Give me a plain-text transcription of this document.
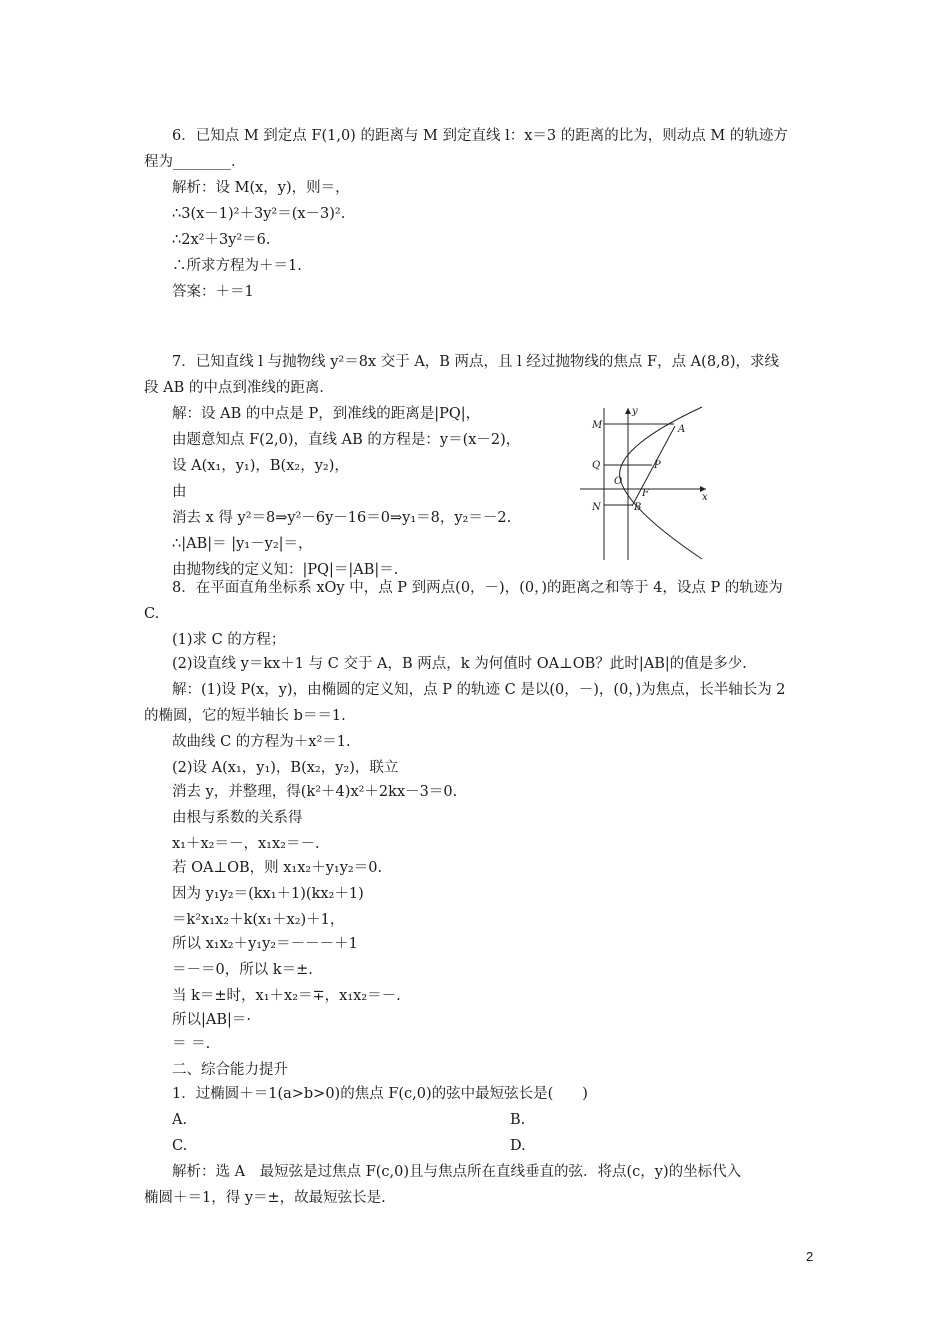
6．已知点 M 到定点 F(1,0) 的距离与 M 到定直线 l：x＝3 的距离的比为，则动点 M 的轨迹方
程为________．
解析：设 M(x，y)，则＝，
∴3(x－1)²＋3y²＝(x－3)².
∴2x²＋3y²＝6.
∴所求方程为＋＝1.
答案：＋＝1
7．已知直线 l 与抛物线 y²＝8x 交于 A，B 两点，且 l 经过抛物线的焦点 F，点 A(8,8)，求线
段 AB 的中点到准线的距离．
解：设 AB 的中点是 P，到准线的距离是|PQ|，
由题意知点 F(2,0)，直线 AB 的方程是：y＝(x－2)，
设 A(x₁，y₁)，B(x₂，y₂)，
由
消去 x 得 y²＝8⇒y²－6y－16＝0⇒y₁＝8，y₂＝－2.
∴|AB|＝ |y₁－y₂|＝，
由抛物线的定义知：|PQ|＝|AB|＝.
M
y
A
Q	P
O
F	x
N	B
8．在平面直角坐标系 xOy 中，点 P 到两点(0，－)，(0，)的距离之和等于 4，设点 P 的轨迹为
C.
(1)求 C 的方程；
(2)设直线 y＝kx＋1 与 C 交于 A，B 两点，k 为何值时 OA⊥OB？此时|AB|的值是多少.
解：(1)设 P(x，y)，由椭圆的定义知，点 P 的轨迹 C 是以(0，－)，(0，)为焦点，长半轴长为 2
的椭圆，它的短半轴长 b＝＝1.
故曲线 C 的方程为＋x²＝1.
(2)设 A(x₁，y₁)，B(x₂，y₂)，联立
消去 y，并整理，得(k²＋4)x²＋2kx－3＝0.
由根与系数的关系得
x₁＋x₂＝－，x₁x₂＝－.
若 OA⊥OB，则 x₁x₂＋y₁y₂＝0.
因为 y₁y₂＝(kx₁＋1)(kx₂＋1)
＝k²x₁x₂＋k(x₁＋x₂)＋1，
所以 x₁x₂＋y₁y₂＝－－－＋1
＝－＝0，所以 k＝±.
当 k＝±时，x₁＋x₂＝∓，x₁x₂＝－.
所以|AB|＝·
＝ ＝.
二、综合能力提升
1．过椭圆＋＝1(a>b>0)的焦点 F(c,0)的弦中最短弦长是(　　)
A.	B.
C.	D.
解析：选 A　最短弦是过焦点 F(c,0)且与焦点所在直线垂直的弦．将点(c，y)的坐标代入
椭圆＋＝1，得 y＝±，故最短弦长是.
2
